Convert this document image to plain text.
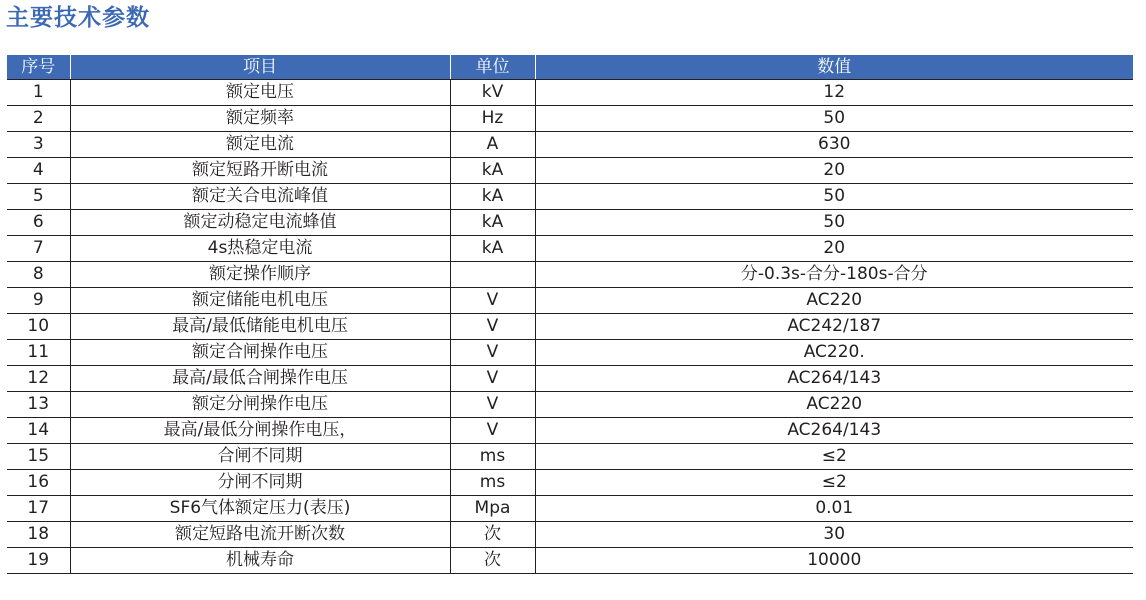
主要技术参数
序号	项目	单位	数值
1	额定电压	kV	12
2	额定频率	Hz	50
3	额定电流	A	630
4	额定短路开断电流	kA	20
5	额定关合电流峰值	kA	50
6	额定动稳定电流蜂值	kA	50
7	4s热稳定电流	kA	20
8	额定操作顺序		分-0.3s-合分-180s-合分
9	额定储能电机电压	V	AC220
10	最高/最低储能电机电压	V	AC242/187
11	额定合闸操作电压	V	AC220.
12	最高/最低合闸操作电压	V	AC264/143
13	额定分闸操作电压	V	AC220
14	最高/最低分闸操作电压，	V	AC264/143
15	合闸不同期	ms	≤2
16	分闸不同期	ms	≤2
17	SF6气体额定压力(表压)	Mpa	0.01
18	额定短路电流开断次数	次	30
19	机械寿命	次	10000
